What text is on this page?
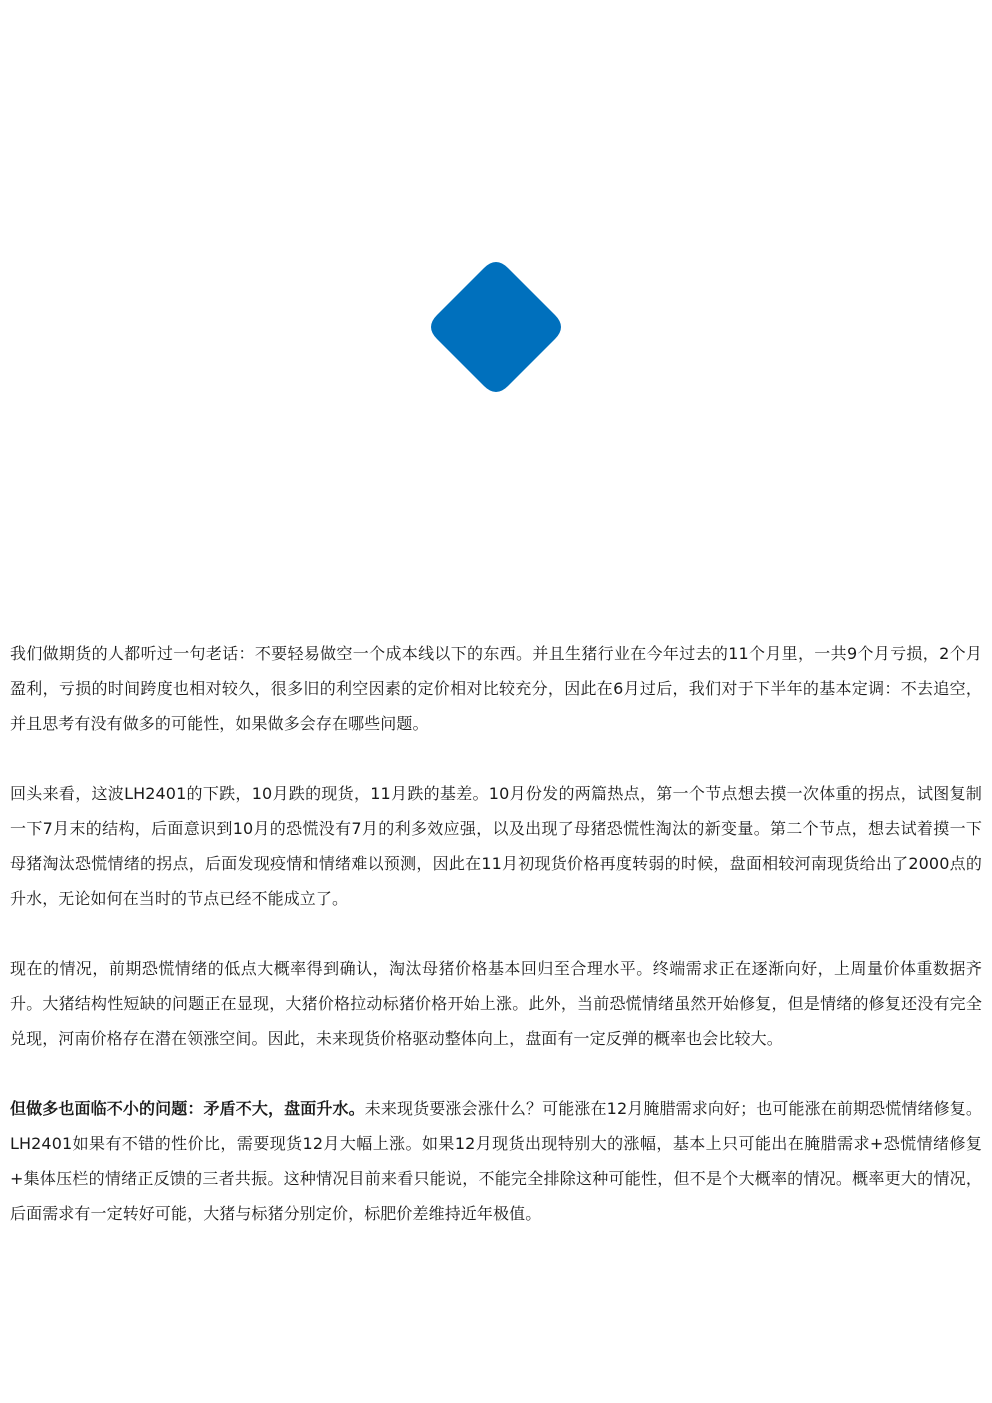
我们做期货的人都听过一句老话：不要轻易做空一个成本线以下的东西。并且生猪行业在今年过去的11个月里，一共9个月亏损，2个月盈利，亏损的时间跨度也相对较久，很多旧的利空因素的定价相对比较充分，因此在6月过后，我们对于下半年的基本定调：不去追空，并且思考有没有做多的可能性，如果做多会存在哪些问题。

回头来看，这波LH2401的下跌，10月跌的现货，11月跌的基差。10月份发的两篇热点，第一个节点想去摸一次体重的拐点，试图复制一下7月末的结构，后面意识到10月的恐慌没有7月的利多效应强，以及出现了母猪恐慌性淘汰的新变量。第二个节点，想去试着摸一下母猪淘汰恐慌情绪的拐点，后面发现疫情和情绪难以预测，因此在11月初现货价格再度转弱的时候，盘面相较河南现货给出了2000点的升水，无论如何在当时的节点已经不能成立了。

现在的情况，前期恐慌情绪的低点大概率得到确认，淘汰母猪价格基本回归至合理水平。终端需求正在逐渐向好，上周量价体重数据齐升。大猪结构性短缺的问题正在显现，大猪价格拉动标猪价格开始上涨。此外，当前恐慌情绪虽然开始修复，但是情绪的修复还没有完全兑现，河南价格存在潜在领涨空间。因此，未来现货价格驱动整体向上，盘面有一定反弹的概率也会比较大。

但做多也面临不小的问题：矛盾不大，盘面升水。未来现货要涨会涨什么？可能涨在12月腌腊需求向好；也可能涨在前期恐慌情绪修复。LH2401如果有不错的性价比，需要现货12月大幅上涨。如果12月现货出现特别大的涨幅，基本上只可能出在腌腊需求+恐慌情绪修复+集体压栏的情绪正反馈的三者共振。这种情况目前来看只能说，不能完全排除这种可能性，但不是个大概率的情况。概率更大的情况，后面需求有一定转好可能，大猪与标猪分别定价，标肥价差维持近年极值。
